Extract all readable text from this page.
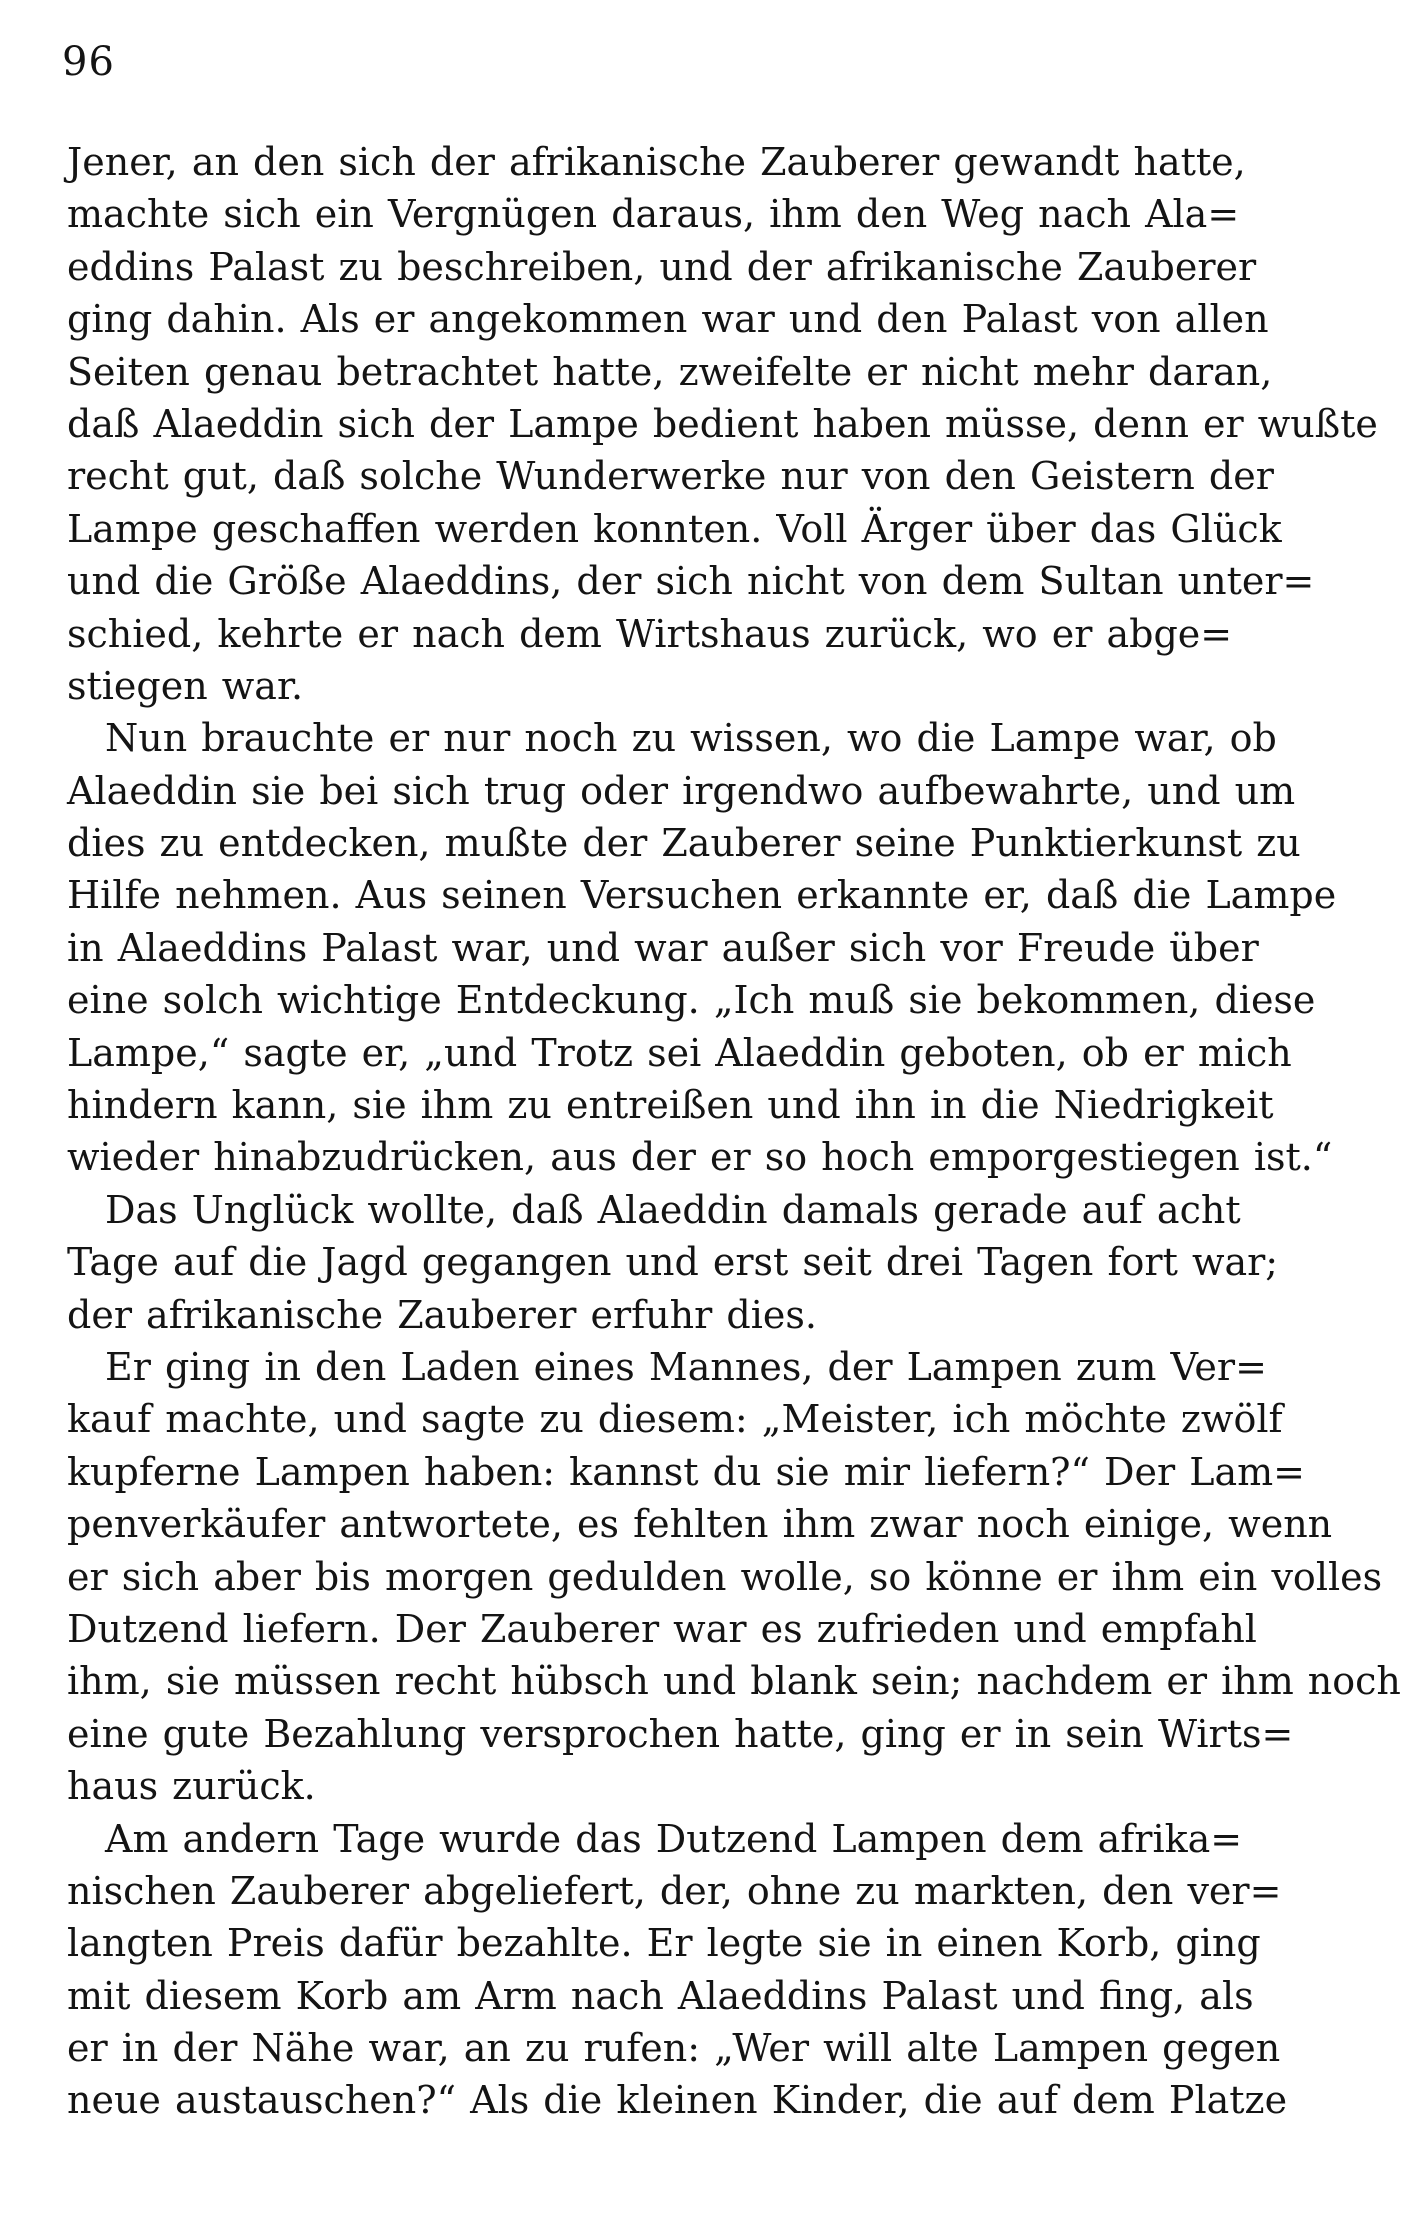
96
Jener, an den sich der afrikanische Zauberer gewandt hatte,
machte sich ein Vergnügen daraus, ihm den Weg nach Ala=
eddins Palast zu beschreiben, und der afrikanische Zauberer
ging dahin. Als er angekommen war und den Palast von allen
Seiten genau betrachtet hatte, zweifelte er nicht mehr daran,
daß Alaeddin sich der Lampe bedient haben müsse, denn er wußte
recht gut, daß solche Wunderwerke nur von den Geistern der
Lampe geschaffen werden konnten. Voll Ärger über das Glück
und die Größe Alaeddins, der sich nicht von dem Sultan unter=
schied, kehrte er nach dem Wirtshaus zurück, wo er abge=
stiegen war.
Nun brauchte er nur noch zu wissen, wo die Lampe war, ob
Alaeddin sie bei sich trug oder irgendwo aufbewahrte, und um
dies zu entdecken, mußte der Zauberer seine Punktierkunst zu
Hilfe nehmen. Aus seinen Versuchen erkannte er, daß die Lampe
in Alaeddins Palast war, und war außer sich vor Freude über
eine solch wichtige Entdeckung. „Ich muß sie bekommen, diese
Lampe,“ sagte er, „und Trotz sei Alaeddin geboten, ob er mich
hindern kann, sie ihm zu entreißen und ihn in die Niedrigkeit
wieder hinabzudrücken, aus der er so hoch emporgestiegen ist.“
Das Unglück wollte, daß Alaeddin damals gerade auf acht
Tage auf die Jagd gegangen und erst seit drei Tagen fort war;
der afrikanische Zauberer erfuhr dies.
Er ging in den Laden eines Mannes, der Lampen zum Ver=
kauf machte, und sagte zu diesem: „Meister, ich möchte zwölf
kupferne Lampen haben: kannst du sie mir liefern?“ Der Lam=
penverkäufer antwortete, es fehlten ihm zwar noch einige, wenn
er sich aber bis morgen gedulden wolle, so könne er ihm ein volles
Dutzend liefern. Der Zauberer war es zufrieden und empfahl
ihm, sie müssen recht hübsch und blank sein; nachdem er ihm noch
eine gute Bezahlung versprochen hatte, ging er in sein Wirts=
haus zurück.
Am andern Tage wurde das Dutzend Lampen dem afrika=
nischen Zauberer abgeliefert, der, ohne zu markten, den ver=
langten Preis dafür bezahlte. Er legte sie in einen Korb, ging
mit diesem Korb am Arm nach Alaeddins Palast und fing, als
er in der Nähe war, an zu rufen: „Wer will alte Lampen gegen
neue austauschen?“ Als die kleinen Kinder, die auf dem Platze
